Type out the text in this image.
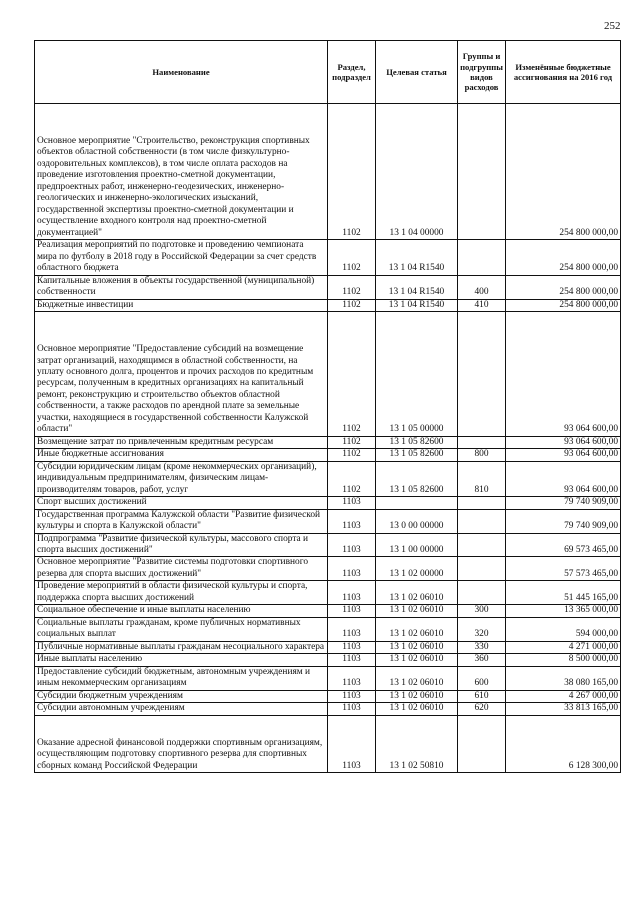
252
Наименование	Раздел, подраздел	Целевая статья	Группы и подгруппы видов расходов	Изменённые бюджетные ассигнования на 2016 год
Основное мероприятие "Строительство, реконструкция спортивных объектов областной собственности (в том числе физкультурно-оздоровительных комплексов), в том числе оплата расходов на проведение изготовления проектно-сметной документации, предпроектных работ, инженерно-геодезических, инженерно-геологических и инженерно-экологических изысканий, государственной экспертизы проектно-сметной документации и осуществление входного контроля над проектно-сметной документацией"	1102	13 1 04 00000		254 800 000,00
Реализация мероприятий по подготовке и проведению чемпионата мира по футболу в 2018 году в Российской Федерации за счет средств областного бюджета	1102	13 1 04 R1540		254 800 000,00
Капитальные вложения в объекты государственной (муниципальной) собственности	1102	13 1 04 R1540	400	254 800 000,00
Бюджетные инвестиции	1102	13 1 04 R1540	410	254 800 000,00
Основное мероприятие "Предоставление субсидий на возмещение затрат организаций, находящимся в областной собственности, на уплату основного долга, процентов и прочих расходов по кредитным ресурсам, полученным в кредитных организациях на капитальный ремонт, реконструкцию и строительство объектов областной собственности, а также расходов по арендной плате за земельные участки, находящиеся в государственной собственности Калужской области"	1102	13 1 05 00000		93 064 600,00
Возмещение затрат по привлеченным кредитным ресурсам	1102	13 1 05 82600		93 064 600,00
Иные бюджетные ассигнования	1102	13 1 05 82600	800	93 064 600,00
Субсидии юридическим лицам (кроме некоммерческих организаций), индивидуальным предпринимателям, физическим лицам-производителям товаров, работ, услуг	1102	13 1 05 82600	810	93 064 600,00
Спорт высших достижений	1103			79 740 909,00
Государственная программа Калужской области "Развитие физической культуры и спорта в Калужской области"	1103	13 0 00 00000		79 740 909,00
Подпрограмма "Развитие физической культуры, массового спорта и спорта высших достижений"	1103	13 1 00 00000		69 573 465,00
Основное мероприятие "Развитие системы подготовки спортивного резерва для спорта высших достижений"	1103	13 1 02 00000		57 573 465,00
Проведение мероприятий в области физической культуры и спорта, поддержка спорта высших достижений	1103	13 1 02 06010		51 445 165,00
Социальное обеспечение и иные выплаты населению	1103	13 1 02 06010	300	13 365 000,00
Социальные выплаты гражданам, кроме публичных нормативных социальных выплат	1103	13 1 02 06010	320	594 000,00
Публичные нормативные выплаты гражданам несоциального характера	1103	13 1 02 06010	330	4 271 000,00
Иные выплаты населению	1103	13 1 02 06010	360	8 500 000,00
Предоставление субсидий бюджетным, автономным учреждениям и иным некоммерческим организациям	1103	13 1 02 06010	600	38 080 165,00
Субсидии бюджетным учреждениям	1103	13 1 02 06010	610	4 267 000,00
Субсидии автономным учреждениям	1103	13 1 02 06010	620	33 813 165,00
Оказание адресной финансовой поддержки спортивным организациям, осуществляющим подготовку спортивного резерва для спортивных сборных команд Российской Федерации	1103	13 1 02 50810		6 128 300,00
